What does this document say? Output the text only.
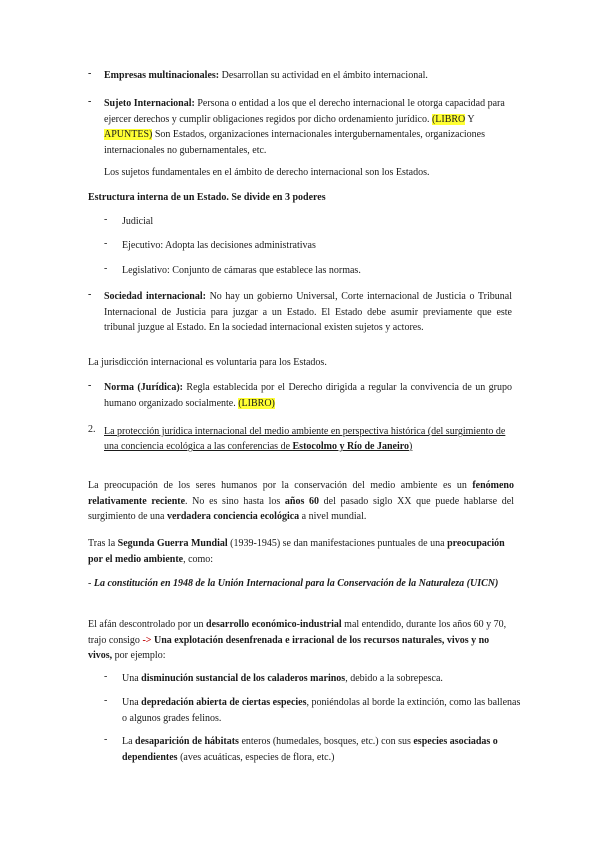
- Empresas multinacionales: Desarrollan su actividad en el ámbito internacional.
- Sujeto Internacional: Persona o entidad a los que el derecho internacional le otorga capacidad para ejercer derechos y cumplir obligaciones regidos por dicho ordenamiento jurídico. (LIBRO Y APUNTES) Son Estados, organizaciones internacionales intergubernamentales, organizaciones internacionales no gubernamentales, etc.
Los sujetos fundamentales en el ámbito de derecho internacional son los Estados.
Estructura interna de un Estado. Se divide en 3 poderes
- Judicial
- Ejecutivo: Adopta las decisiones administrativas
- Legislativo: Conjunto de cámaras que establece las normas.
- Sociedad internacional: No hay un gobierno Universal, Corte internacional de Justicia o Tribunal Internacional de Justicia para juzgar a un Estado. El Estado debe asumir previamente que este tribunal juzgue al Estado. En la sociedad internacional existen sujetos y actores.
La jurisdicción internacional es voluntaria para los Estados.
- Norma (Jurídica): Regla establecida por el Derecho dirigida a regular la convivencia de un grupo humano organizado socialmente. (LIBRO)
2. La protección jurídica internacional del medio ambiente en perspectiva histórica (del surgimiento de una conciencia ecológica a las conferencias de Estocolmo y Río de Janeiro)
La preocupación de los seres humanos por la conservación del medio ambiente es un fenómeno relativamente reciente. No es sino hasta los años 60 del pasado siglo XX que puede hablarse del surgimiento de una verdadera conciencia ecológica a nivel mundial.
Tras la Segunda Guerra Mundial (1939-1945) se dan manifestaciones puntuales de una preocupación por el medio ambiente, como:
- La constitución en 1948 de la Unión Internacional para la Conservación de la Naturaleza (UICN)
El afán descontrolado por un desarrollo económico-industrial mal entendido, durante los años 60 y 70, trajo consigo -> Una explotación desenfrenada e irracional de los recursos naturales, vivos y no vivos, por ejemplo:
- Una disminución sustancial de los caladeros marinos, debido a la sobrepesca.
- Una depredación abierta de ciertas especies, poniéndolas al borde la extinción, como las ballenas o algunos grades felinos.
- La desaparición de hábitats enteros (humedales, bosques, etc.) con sus especies asociadas o dependientes (aves acuáticas, especies de flora, etc.)
